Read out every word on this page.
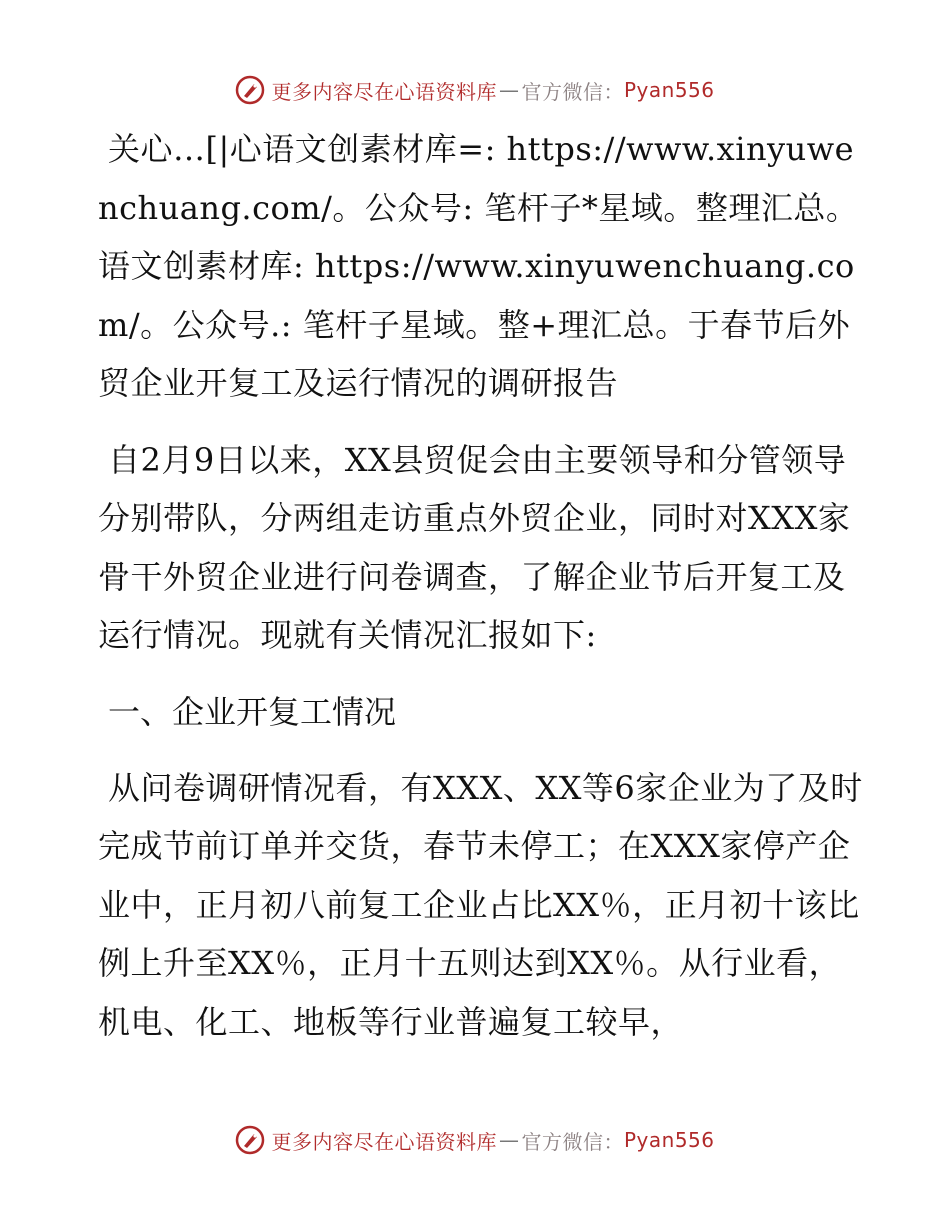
更多内容尽在心语资料库 — 官方微信： Pyan556

关心…[|心语文创素材库=: https://www.xinyuwenchuang.com/。公众号: 笔杆子*星域。整理汇总。语文创素材库: https://www.xinyuwenchuang.com/。公众号.: 笔杆子星域。整+理汇总。于春节后外贸企业开复工及运行情况的调研报告

自2月9日以来，XX县贸促会由主要领导和分管领导分别带队，分两组走访重点外贸企业，同时对XXX家骨干外贸企业进行问卷调查，了解企业节后开复工及运行情况。现就有关情况汇报如下:

一、企业开复工情况

从问卷调研情况看，有XXX、XX等6家企业为了及时完成节前订单并交货，春节未停工；在XXX家停产企业中，正月初八前复工企业占比XX％，正月初十该比例上升至XX％，正月十五则达到XX％。从行业看，机电、化工、地板等行业普遍复工较早，

更多内容尽在心语资料库 — 官方微信： Pyan556
